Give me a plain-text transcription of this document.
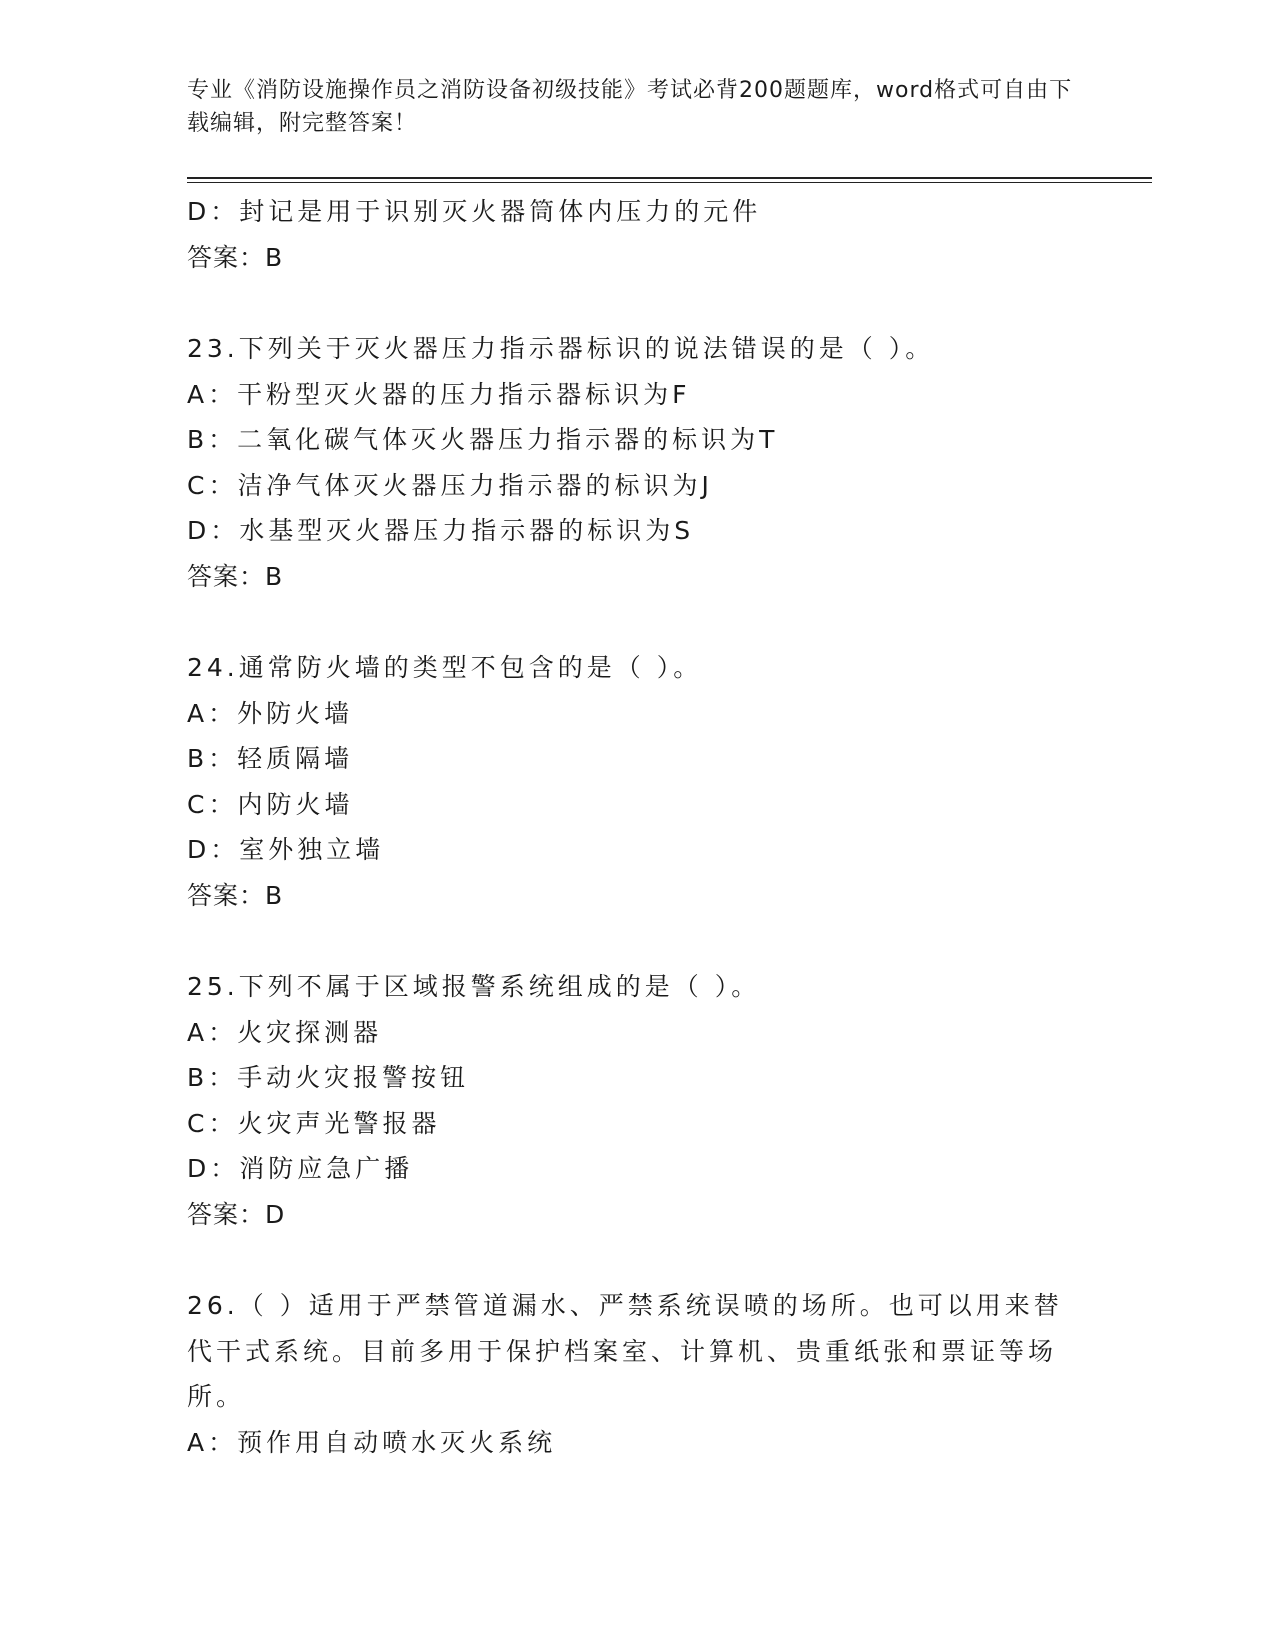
专业《消防设施操作员之消防设备初级技能》考试必背200题题库，word格式可自由下载编辑，附完整答案！
D：封记是用于识别灭火器筒体内压力的元件
答案：B
23.下列关于灭火器压力指示器标识的说法错误的是（ ）。
A：干粉型灭火器的压力指示器标识为F
B：二氧化碳气体灭火器压力指示器的标识为T
C：洁净气体灭火器压力指示器的标识为J
D：水基型灭火器压力指示器的标识为S
答案：B
24.通常防火墙的类型不包含的是（ ）。
A：外防火墙
B：轻质隔墙
C：内防火墙
D：室外独立墙
答案：B
25.下列不属于区域报警系统组成的是（ ）。
A：火灾探测器
B：手动火灾报警按钮
C：火灾声光警报器
D：消防应急广播
答案：D
26.（ ）适用于严禁管道漏水、严禁系统误喷的场所。也可以用来替代干式系统。目前多用于保护档案室、计算机、贵重纸张和票证等场所。
A：预作用自动喷水灭火系统
